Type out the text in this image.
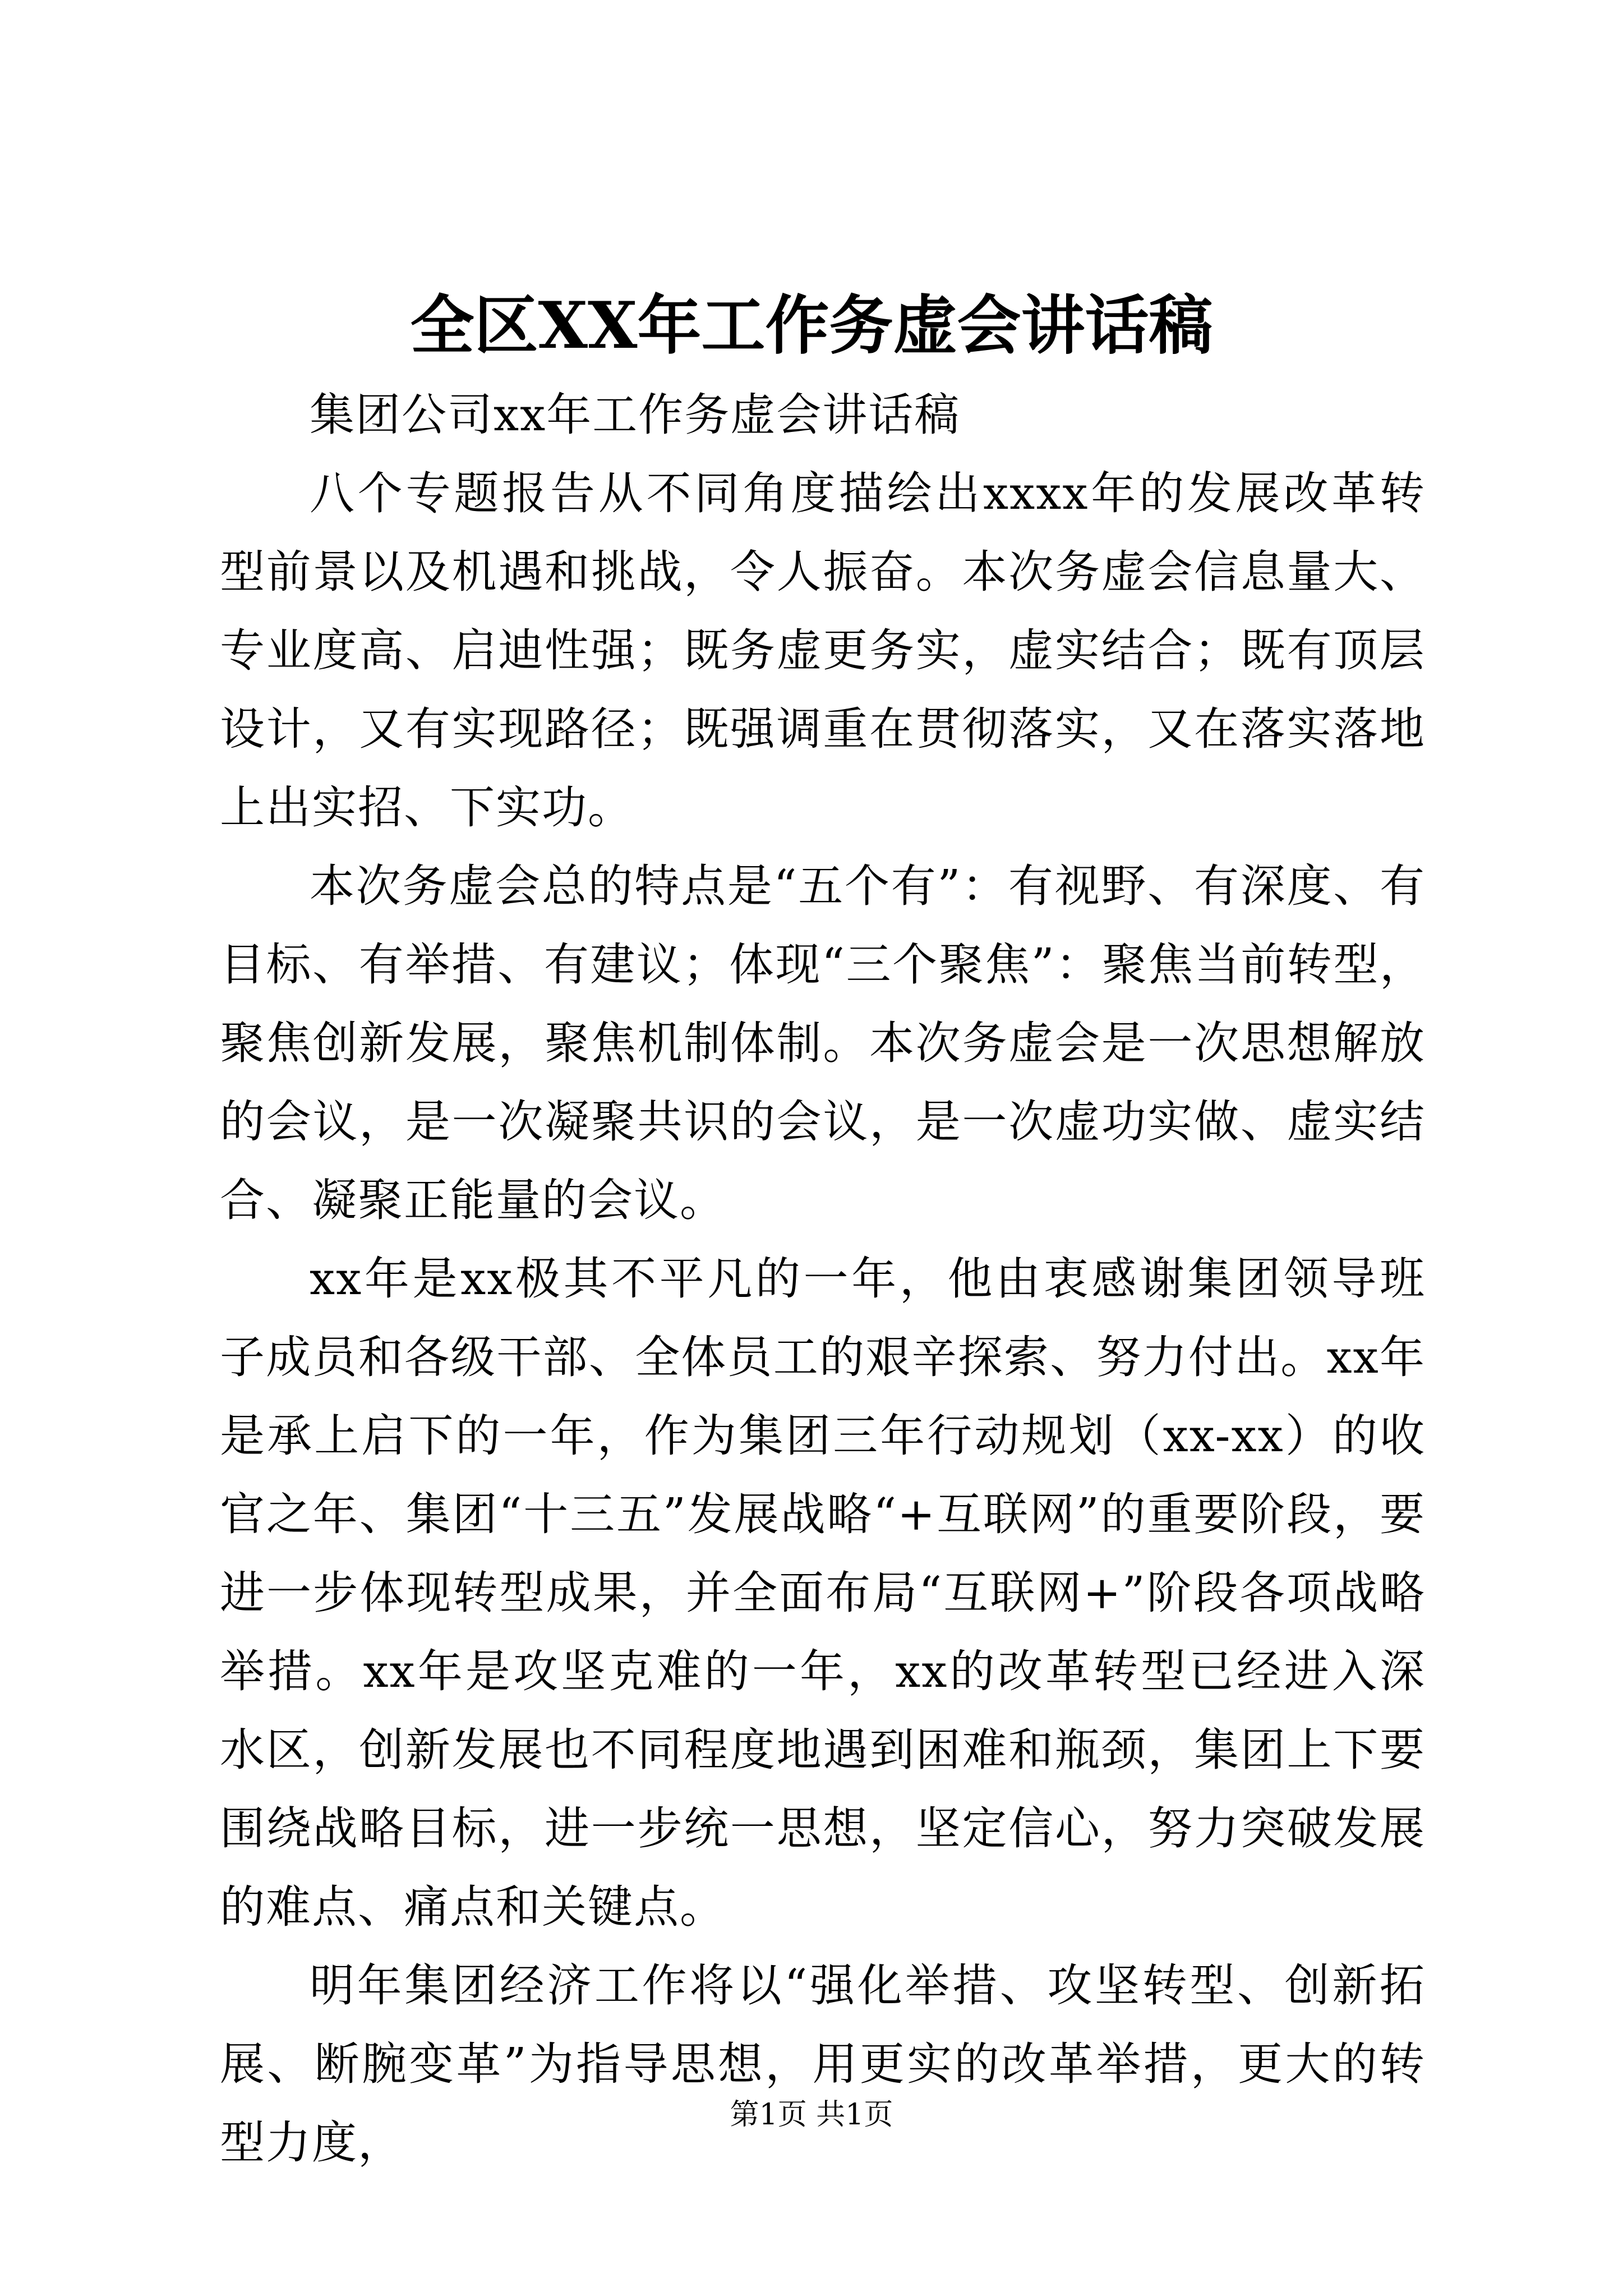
全区XX年工作务虚会讲话稿

集团公司xx年工作务虚会讲话稿

八个专题报告从不同角度描绘出xxxx年的发展改革转型前景以及机遇和挑战，令人振奋。本次务虚会信息量大、专业度高、启迪性强；既务虚更务实，虚实结合；既有顶层设计，又有实现路径；既强调重在贯彻落实，又在落实落地上出实招、下实功。

本次务虚会总的特点是“五个有”：有视野、有深度、有目标、有举措、有建议；体现“三个聚焦”：聚焦当前转型，聚焦创新发展，聚焦机制体制。本次务虚会是一次思想解放的会议，是一次凝聚共识的会议，是一次虚功实做、虚实结合、凝聚正能量的会议。

xx年是xx极其不平凡的一年，他由衷感谢集团领导班子成员和各级干部、全体员工的艰辛探索、努力付出。xx年是承上启下的一年，作为集团三年行动规划（xx-xx）的收官之年、集团“十三五”发展战略“+互联网”的重要阶段，要进一步体现转型成果，并全面布局“互联网+”阶段各项战略举措。xx年是攻坚克难的一年，xx的改革转型已经进入深水区，创新发展也不同程度地遇到困难和瓶颈，集团上下要围绕战略目标，进一步统一思想，坚定信心，努力突破发展的难点、痛点和关键点。

明年集团经济工作将以“强化举措、攻坚转型、创新拓展、断腕变革”为指导思想，用更实的改革举措，更大的转型力度，

第1页 共1页
